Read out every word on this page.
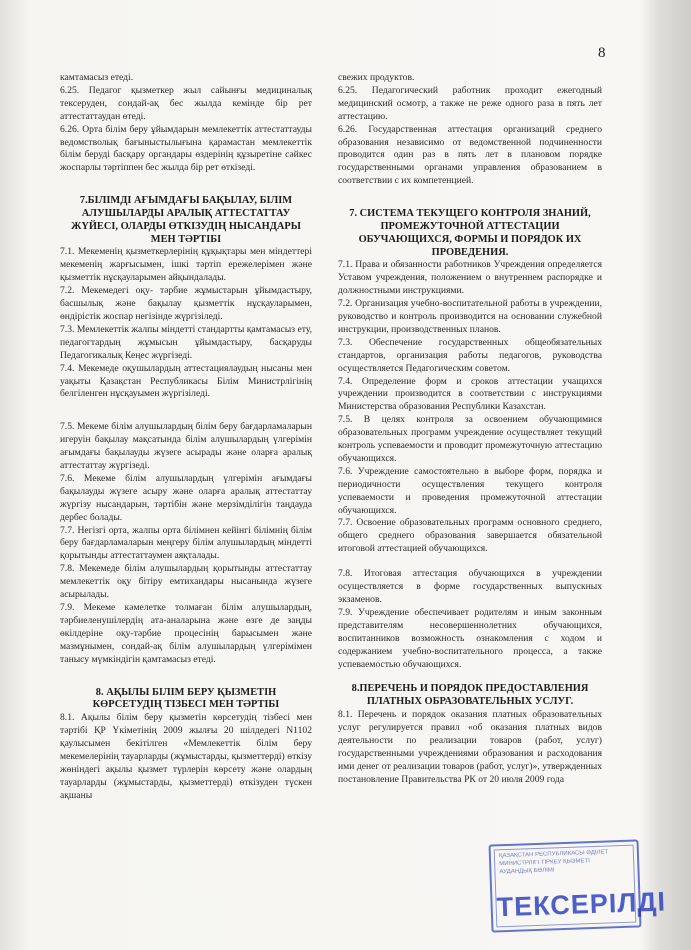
8

камтамасыз етеді.

6.25. Педагог қызметкер жыл сайынғы медициналық тексеруден, сондай-ақ бес жылда кемінде бір рет аттестаттаудан өтеді.

6.26. Орта білім беру ұйымдарын мемлекеттік аттестаттауды ведомстволық бағыныстылығына қарамастан мемлекеттік білім беруді басқару органдары өздерінің құзыретіне сәйкес жоспарлы тәртіппен бес жылда бір рет өткізеді.

7.БІЛІМДІ АҒЫМДАҒЫ БАҚЫЛАУ, БІЛІМ АЛУШЫЛАРДЫ АРАЛЫҚ АТТЕСТАТТАУ ЖҮЙЕСІ, ОЛАРДЫ ӨТКІЗУДІҢ НЫСАНДАРЫ МЕН ТӘРТІБІ

7.1. Мекеменің қызметкерлерінің құқықтары мен міндеттері мекеменің жарғысымен, ішкі тәртіп ережелерімен және қызметтік нұсқауларымен айқындалады.

7.2. Мекемедегі оқу- тәрбие жұмыстарын ұйымдастыру, басшылық және бақылау қызметтік нұсқауларымен, өндірістік жоспар негізінде жүргізіледі.

7.3. Мемлекеттік жалпы міндетті стандартты қамтамасыз ету, педагогтардың жұмысын ұйымдастыру, басқаруды Педагогикалық Кеңес жүргізеді.

7.4. Мекемеде оқушылардың аттестациялаудың нысаны мен уақыты Қазақстан Республикасы Білім Министрлігінің белгіленген нұсқауымен жүргізіледі.

7.5. Мекеме білім алушылардың білім беру бағдарламаларын игеруін бақылау мақсатында білім алушылардың үлгерімін ағымдағы бақылауды жүзеге асырады және оларға аралық аттестаттау жүргізеді.

7.6. Мекеме білім алушылардың үлгерімін ағымдағы бақылауды жүзеге асыру және оларға аралық аттестаттау жүргізу нысандарын, тәртібін және мерзімділігін таңдауда дербес болады.

7.7. Негізгі орта, жалпы орта білімнен кейінгі білімнің білім беру бағдарламаларын меңгеру білім алушылардың міндетті қорытынды аттестаттаумен аяқталады.

7.8. Мекемеде білім алушылардың қорытынды аттестаттау мемлекеттік оқу бітіру емтихандары нысанында жүзеге асырылады.

7.9. Мекеме кәмелетке толмаған білім алушылардың, тәрбиеленушілердің ата-аналарына және өзге де заңды өкілдеріне оқу-тәрбие процесінің барысымен және мазмұнымен, сондай-ақ білім алушылардың үлгерімімен танысу мүмкіндігін қамтамасыз етеді.

8. АҚЫЛЫ БІЛІМ БЕРУ ҚЫЗМЕТІН КӨРСЕТУДІҢ ТІЗБЕСІ МЕН ТӘРТІБІ

8.1. Ақылы білім беру қызметін көрсетудің тізбесі мен тәртібі ҚР Үкіметінің 2009 жылғы 20 шілдедегі N1102 қаулысымен бекітілген «Мемлекеттік білім беру мекемелерінің тауарларды (жұмыстарды, қызметтерді) өткізу жөніндегі ақылы қызмет түрлерін көрсету және олардың тауарларды (жұмыстарды, қызметтерді) өткізуден түскен ақшаны

свежих продуктов.

6.25. Педагогический работник проходит ежегодный медицинский осмотр, а также не реже одного раза в пять лет аттестацию.

6.26. Государственная аттестация организаций среднего образования независимо от ведомственной подчиненности проводится один раз в пять лет в плановом порядке государственными органами управления образованием в соответствии с их компетенцией.

7. СИСТЕМА ТЕКУЩЕГО КОНТРОЛЯ ЗНАНИЙ, ПРОМЕЖУТОЧНОЙ АТТЕСТАЦИИ ОБУЧАЮЩИХСЯ, ФОРМЫ И ПОРЯДОК ИХ ПРОВЕДЕНИЯ.

7.1. Права и обязанности работников Учреждения определяется Уставом учреждения, положением о внутреннем распорядке и должностными инструкциями.

7.2. Организация учебно-воспитательной работы в учреждении, руководство и контроль производится на основании служебной инструкции, производственных планов.

7.3. Обеспечение государственных общеобязательных стандартов, организация работы педагогов, руководства осуществляется Педагогическим советом.

7.4. Определение форм и сроков аттестации учащихся учреждении производится в соответствии с инструкциями Министерства образования Республики Казахстан.

7.5. В целях контроля за освоением обучающимися образовательных программ учреждение осуществляет текущий контроль успеваемости и проводит промежуточную аттестацию обучающихся.

7.6. Учреждение самостоятельно в выборе форм, порядка и периодичности осуществления текущего контроля успеваемости и проведения промежуточной аттестации обучающихся.

7.7. Освоение образовательных программ основного среднего, общего среднего образования завершается обязательной итоговой аттестацией обучающихся.

7.8. Итоговая аттестация обучающихся в учреждении осуществляется в форме государственных выпускных экзаменов.

7.9. Учреждение обеспечивает родителям и иным законным представителям несовершеннолетних обучающихся, воспитанников возможность ознакомления с ходом и содержанием учебно-воспитательного процесса, а также успеваемостью обучающихся.

8.ПЕРЕЧЕНЬ И ПОРЯДОК ПРЕДОСТАВЛЕНИЯ ПЛАТНЫХ ОБРАЗОВАТЕЛЬНЫХ УСЛУГ.

8.1. Перечень и порядок оказания платных образовательных услуг регулируется правил «об оказания платных видов деятельности по реализации товаров (работ, услуг) государственными учреждениями образования и расходования ими денег от реализации товаров (работ, услуг)», утвержденных постановление Правительства РК от 20 июля 2009 года

ҚАЗАҚСТАН РЕСПУБЛИКАСЫ ӘДІЛЕТ
МИНИСТРЛІГІ ТІРКЕУ ҚЫЗМЕТІ
АУДАНДЫҚ БӨЛІМІ
ТЕКСЕРІЛДІ
